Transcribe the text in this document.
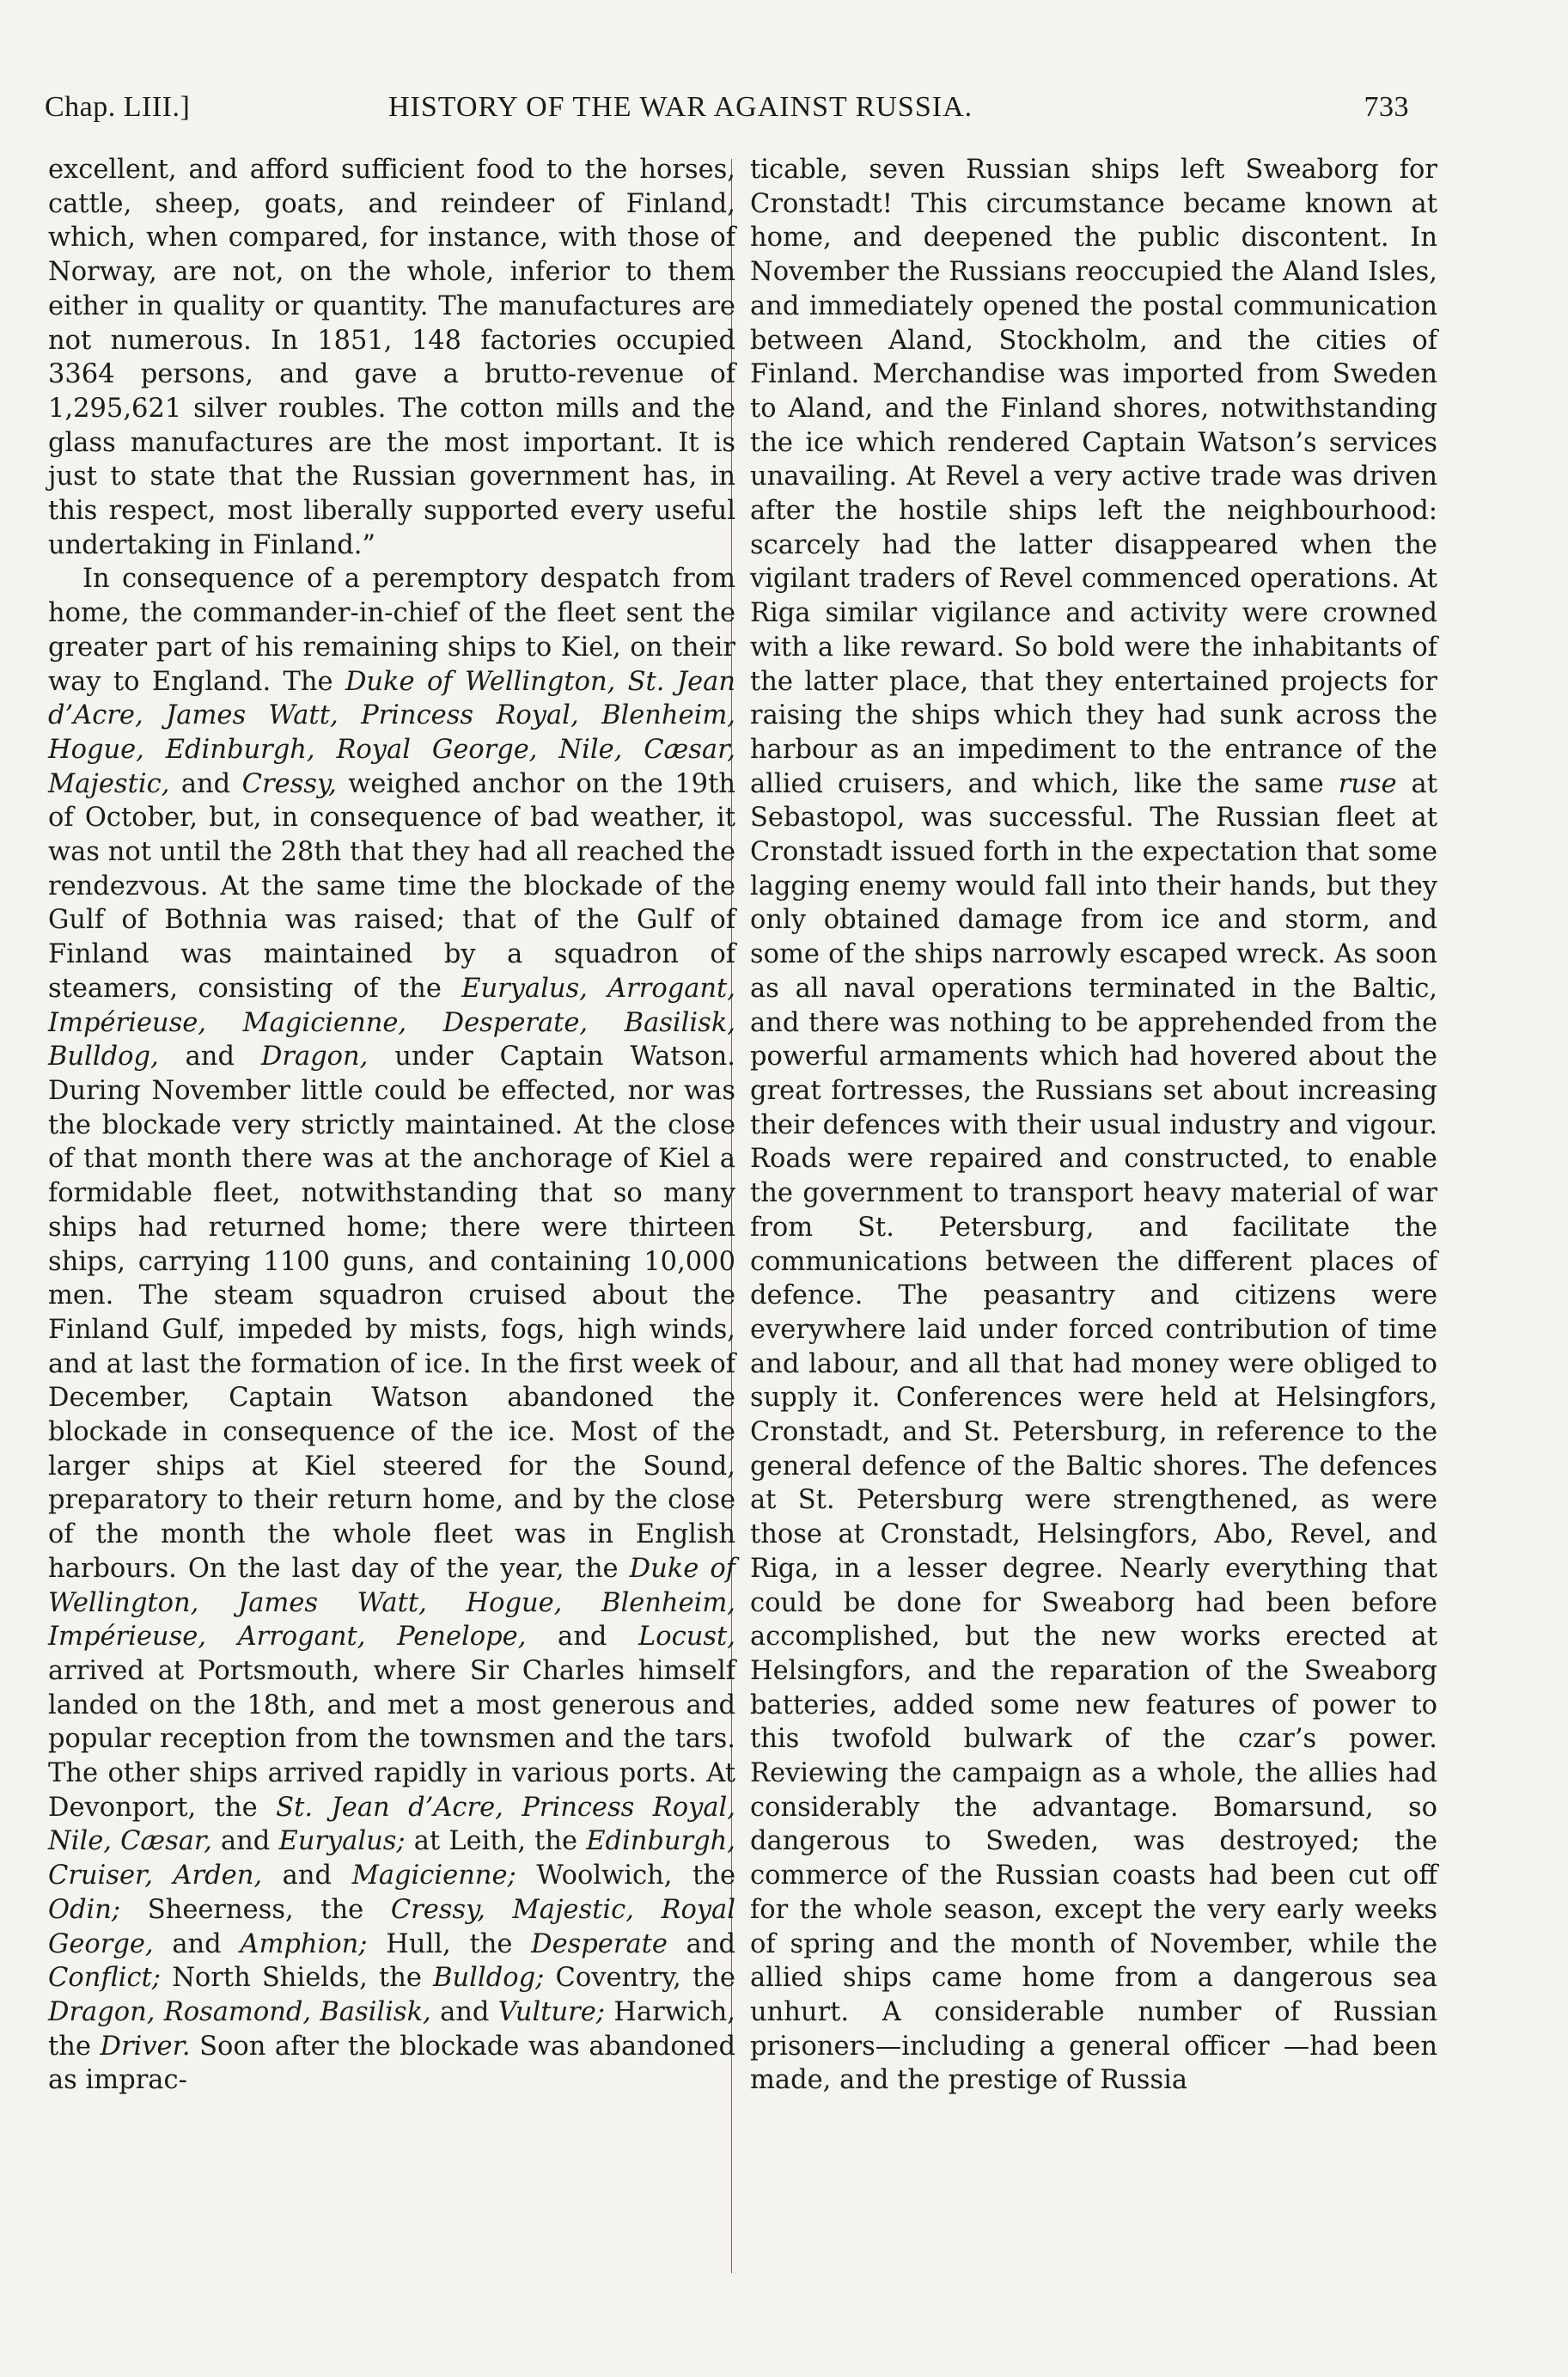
Chap. LIII.]	HISTORY OF THE WAR AGAINST RUSSIA.	733

excellent, and afford sufficient food to the horses, cattle, sheep, goats, and reindeer of Finland, which, when compared, for instance, with those of Norway, are not, on the whole, inferior to them either in quality or quantity. The manufactures are not numerous. In 1851, 148 factories occupied 3364 persons, and gave a brutto-revenue of 1,295,621 silver roubles. The cotton mills and the glass manufactures are the most important. It is just to state that the Russian government has, in this respect, most liberally supported every useful undertaking in Finland.”

In consequence of a peremptory despatch from home, the commander-in-chief of the fleet sent the greater part of his remaining ships to Kiel, on their way to England. The Duke of Wellington, St. Jean d’Acre, James Watt, Princess Royal, Blenheim, Hogue, Edinburgh, Royal George, Nile, Cæsar, Majestic, and Cressy, weighed anchor on the 19th of October, but, in consequence of bad weather, it was not until the 28th that they had all reached the rendezvous. At the same time the blockade of the Gulf of Bothnia was raised; that of the Gulf of Finland was maintained by a squadron of steamers, consisting of the Euryalus, Arrogant, Impérieuse, Magicienne, Desperate, Basilisk, Bulldog, and Dragon, under Captain Watson. During November little could be effected, nor was the blockade very strictly maintained. At the close of that month there was at the anchorage of Kiel a formidable fleet, notwithstanding that so many ships had returned home; there were thirteen ships, carrying 1100 guns, and containing 10,000 men. The steam squadron cruised about the Finland Gulf, impeded by mists, fogs, high winds, and at last the formation of ice. In the first week of December, Captain Watson abandoned the blockade in consequence of the ice. Most of the larger ships at Kiel steered for the Sound, preparatory to their return home, and by the close of the month the whole fleet was in English harbours. On the last day of the year, the Duke of Wellington, James Watt, Hogue, Blenheim, Impérieuse, Arrogant, Penelope, and Locust, arrived at Portsmouth, where Sir Charles himself landed on the 18th, and met a most generous and popular reception from the townsmen and the tars. The other ships arrived rapidly in various ports. At Devonport, the St. Jean d’Acre, Princess Royal, Nile, Cæsar, and Euryalus; at Leith, the Edinburgh, Cruiser, Arden, and Magicienne; Woolwich, the Odin; Sheerness, the Cressy, Majestic, Royal George, and Amphion; Hull, the Desperate and Conflict; North Shields, the Bulldog; Coventry, the Dragon, Rosamond, Basilisk, and Vulture; Harwich, the Driver. Soon after the blockade was abandoned as imprac-

ticable, seven Russian ships left Sweaborg for Cronstadt! This circumstance became known at home, and deepened the public discontent. In November the Russians reoccupied the Aland Isles, and immediately opened the postal communication between Aland, Stockholm, and the cities of Finland. Merchandise was imported from Sweden to Aland, and the Finland shores, notwithstanding the ice which rendered Captain Watson’s services unavailing. At Revel a very active trade was driven after the hostile ships left the neighbourhood: scarcely had the latter disappeared when the vigilant traders of Revel commenced operations. At Riga similar vigilance and activity were crowned with a like reward. So bold were the inhabitants of the latter place, that they entertained projects for raising the ships which they had sunk across the harbour as an impediment to the entrance of the allied cruisers, and which, like the same ruse at Sebastopol, was successful. The Russian fleet at Cronstadt issued forth in the expectation that some lagging enemy would fall into their hands, but they only obtained damage from ice and storm, and some of the ships narrowly escaped wreck. As soon as all naval operations terminated in the Baltic, and there was nothing to be apprehended from the powerful armaments which had hovered about the great fortresses, the Russians set about increasing their defences with their usual industry and vigour. Roads were repaired and constructed, to enable the government to transport heavy material of war from St. Petersburg, and facilitate the communications between the different places of defence. The peasantry and citizens were everywhere laid under forced contribution of time and labour, and all that had money were obliged to supply it. Conferences were held at Helsingfors, Cronstadt, and St. Petersburg, in reference to the general defence of the Baltic shores. The defences at St. Petersburg were strengthened, as were those at Cronstadt, Helsingfors, Abo, Revel, and Riga, in a lesser degree. Nearly everything that could be done for Sweaborg had been before accomplished, but the new works erected at Helsingfors, and the reparation of the Sweaborg batteries, added some new features of power to this twofold bulwark of the czar’s power. Reviewing the campaign as a whole, the allies had considerably the advantage. Bomarsund, so dangerous to Sweden, was destroyed; the commerce of the Russian coasts had been cut off for the whole season, except the very early weeks of spring and the month of November, while the allied ships came home from a dangerous sea unhurt. A considerable number of Russian prisoners—including a general officer —had been made, and the prestige of Russia
